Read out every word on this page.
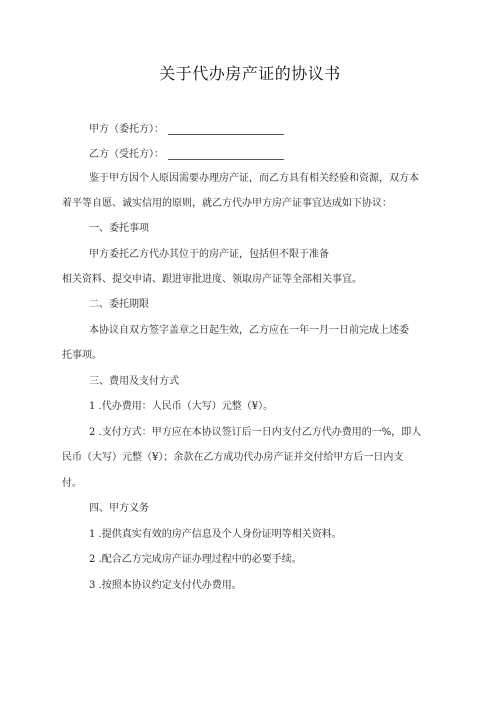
关于代办房产证的协议书
甲方（委托方）：
乙方（受托方）：
鉴于甲方因个人原因需要办理房产证，而乙方具有相关经验和资源，双方本
着平等自愿、诚实信用的原则，就乙方代办甲方房产证事宜达成如下协议：
一、委托事项
甲方委托乙方代办其位于的房产证，包括但不限于准备
相关资料、提交申请、跟进审批进度、领取房产证等全部相关事宜。
二、委托期限
本协议自双方签字盖章之日起生效，乙方应在一年一月一日前完成上述委
托事项。
三、费用及支付方式
1 .代办费用：人民币（大写）元整（¥）。
2 .支付方式：甲方应在本协议签订后一日内支付乙方代办费用的一%，即人
民币（大写）元整（¥）；余款在乙方成功代办房产证并交付给甲方后一日内支
付。
四、甲方义务
1 .提供真实有效的房产信息及个人身份证明等相关资料。
2 .配合乙方完成房产证办理过程中的必要手续。
3 .按照本协议约定支付代办费用。
